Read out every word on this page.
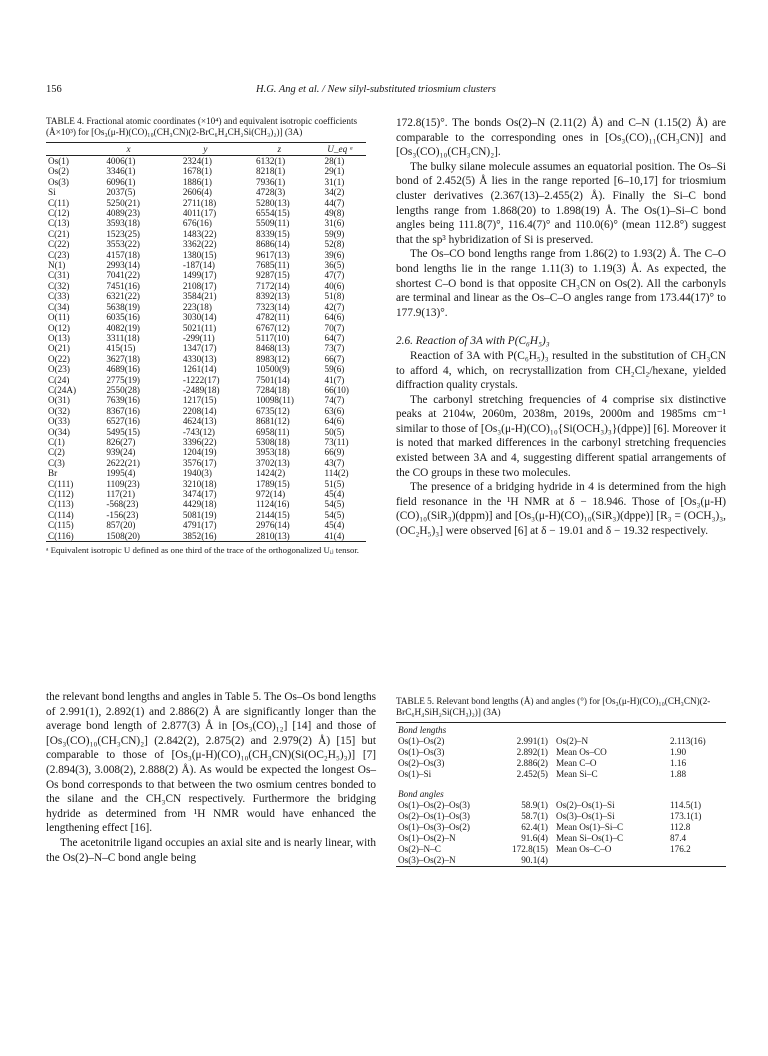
156	H.G. Ang et al. / New silyl-substituted triosmium clusters
TABLE 4. Fractional atomic coordinates (×10⁴) and equivalent isotropic coefficients (Å×10³) for [Os₃(μ-H)(CO)₁₀(CH₃CN)(2-BrC₆H₄CH₂Si(CH₃)₂)] (3A)
	x	y	z	U_eq ᵃ
Os(1)	4006(1)	2324(1)	6132(1)	28(1)
Os(2)	3346(1)	1678(1)	8218(1)	29(1)
Os(3)	6096(1)	1886(1)	7936(1)	31(1)
Si	2037(5)	2606(4)	4728(3)	34(2)
C(11)	5250(21)	2711(18)	5280(13)	44(7)
C(12)	4089(23)	4011(17)	6554(15)	49(8)
C(13)	3593(18)	676(16)	5509(11)	31(6)
C(21)	1523(25)	1483(22)	8339(15)	59(9)
C(22)	3553(22)	3362(22)	8686(14)	52(8)
C(23)	4157(18)	1380(15)	9617(13)	39(6)
N(1)	2993(14)	-187(14)	7685(11)	36(5)
C(31)	7041(22)	1499(17)	9287(15)	47(7)
C(32)	7451(16)	2108(17)	7172(14)	40(6)
C(33)	6321(22)	3584(21)	8392(13)	51(8)
C(34)	5638(19)	223(18)	7323(14)	42(7)
O(11)	6035(16)	3030(14)	4782(11)	64(6)
O(12)	4082(19)	5021(11)	6767(12)	70(7)
O(13)	3311(18)	-299(11)	5117(10)	64(7)
O(21)	415(15)	1347(17)	8468(13)	73(7)
O(22)	3627(18)	4330(13)	8983(12)	66(7)
O(23)	4689(16)	1261(14)	10500(9)	59(6)
C(24)	2775(19)	-1222(17)	7501(14)	41(7)
C(24A)	2550(28)	-2489(18)	7284(18)	66(10)
O(31)	7639(16)	1217(15)	10098(11)	74(7)
O(32)	8367(16)	2208(14)	6735(12)	63(6)
O(33)	6527(16)	4624(13)	8681(12)	64(6)
O(34)	5495(15)	-743(12)	6958(11)	50(5)
C(1)	826(27)	3396(22)	5308(18)	73(11)
C(2)	939(24)	1204(19)	3953(18)	66(9)
C(3)	2622(21)	3576(17)	3702(13)	43(7)
Br	1995(4)	1940(3)	1424(2)	114(2)
C(111)	1109(23)	3210(18)	1789(15)	51(5)
C(112)	117(21)	3474(17)	972(14)	45(4)
C(113)	-568(23)	4429(18)	1124(16)	54(5)
C(114)	-156(23)	5081(19)	2144(15)	54(5)
C(115)	857(20)	4791(17)	2976(14)	45(4)
C(116)	1508(20)	3852(16)	2810(13)	41(4)
ᵃ Equivalent isotropic U defined as one third of the trace of the orthogonalized Uᵢⱼ tensor.

172.8(15)°. The bonds Os(2)–N (2.11(2) Å) and C–N (1.15(2) Å) are comparable to the corresponding ones in [Os₃(CO)₁₁(CH₃CN)] and [Os₃(CO)₁₀(CH₃CN)₂].

The bulky silane molecule assumes an equatorial position. The Os–Si bond of 2.452(5) Å lies in the range reported [6–10,17] for triosmium cluster derivatives (2.367(13)–2.455(2) Å). Finally the Si–C bond lengths range from 1.868(20) to 1.898(19) Å. The Os(1)–Si–C bond angles being 111.8(7)°, 116.4(7)° and 110.0(6)° (mean 112.8°) suggest that the sp³ hybridization of Si is preserved.

The Os–CO bond lengths range from 1.86(2) to 1.93(2) Å. The C–O bond lengths lie in the range 1.11(3) to 1.19(3) Å. As expected, the shortest C–O bond is that opposite CH₃CN on Os(2). All the carbonyls are terminal and linear as the Os–C–O angles range from 173.44(17)° to 177.9(13)°.

2.6. Reaction of 3A with P(C₆H₅)₃

Reaction of 3A with P(C₆H₅)₃ resulted in the substitution of CH₃CN to afford 4, which, on recrystallization from CH₂Cl₂/hexane, yielded diffraction quality crystals.

The carbonyl stretching frequencies of 4 comprise six distinctive peaks at 2104w, 2060m, 2038m, 2019s, 2000m and 1985ms cm⁻¹ similar to those of [Os₃(μ-H)(CO)₁₀{Si(OCH₃)₃}(dppe)] [6]. Moreover it is noted that marked differences in the carbonyl stretching frequencies existed between 3A and 4, suggesting different spatial arrangements of the CO groups in these two molecules.

The presence of a bridging hydride in 4 is determined from the high field resonance in the ¹H NMR at δ − 18.946. Those of [Os₃(μ-H)(CO)₁₀(SiR₃)(dppm)] and [Os₃(μ-H)(CO)₁₀(SiR₃)(dppe)] [R₃ = (OCH₃)₃, (OC₂H₅)₃] were observed [6] at δ − 19.01 and δ − 19.32 respectively.

the relevant bond lengths and angles in Table 5. The Os–Os bond lengths of 2.991(1), 2.892(1) and 2.886(2) Å are significantly longer than the average bond length of 2.877(3) Å in [Os₃(CO)₁₂] [14] and those of [Os₃(CO)₁₀(CH₃CN)₂] (2.842(2), 2.875(2) and 2.979(2) Å) [15] but comparable to those of [Os₃(μ-H)(CO)₁₀(CH₃CN)(Si(OC₂H₅)₃)] [7] (2.894(3), 3.008(2), 2.888(2) Å). As would be expected the longest Os–Os bond corresponds to that between the two osmium centres bonded to the silane and the CH₃CN respectively. Furthermore the bridging hydride as determined from ¹H NMR would have enhanced the lengthening effect [16].

The acetonitrile ligand occupies an axial site and is nearly linear, with the Os(2)–N–C bond angle being

TABLE 5. Relevant bond lengths (Å) and angles (°) for [Os₃(μ-H)(CO)₁₀(CH₃CN)(2-BrC₆H₄SiH₂Si(CH₃)₂)] (3A)
Bond lengths			
Os(1)–Os(2)	2.991(1)	Os(2)–N	2.113(16)
Os(1)–Os(3)	2.892(1)	Mean Os–CO	1.90
Os(2)–Os(3)	2.886(2)	Mean C–O	1.16
Os(1)–Si	2.452(5)	Mean Si–C	1.88

Bond angles			
Os(1)–Os(2)–Os(3)	58.9(1)	Os(2)–Os(1)–Si	114.5(1)
Os(2)–Os(1)–Os(3)	58.7(1)	Os(3)–Os(1)–Si	173.1(1)
Os(1)–Os(3)–Os(2)	62.4(1)	Mean Os(1)–Si–C	112.8
Os(1)–Os(2)–N	91.6(4)	Mean Si–Os(1)–C	87.4
Os(2)–N–C	172.8(15)	Mean Os–C–O	176.2
Os(3)–Os(2)–N	90.1(4)		
